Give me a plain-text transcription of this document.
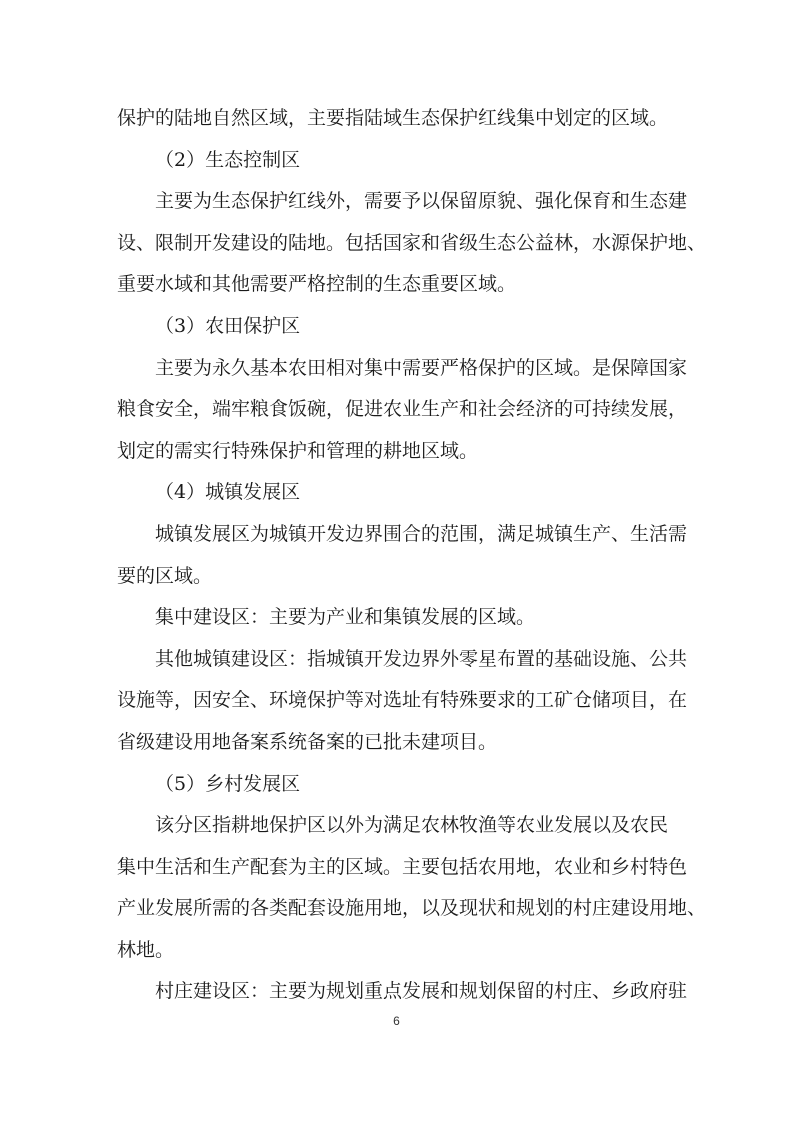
保护的陆地自然区域，主要指陆域生态保护红线集中划定的区域。
（2）生态控制区
主要为生态保护红线外，需要予以保留原貌、强化保育和生态建
设、限制开发建设的陆地。包括国家和省级生态公益林，水源保护地、
重要水域和其他需要严格控制的生态重要区域。
（3）农田保护区
主要为永久基本农田相对集中需要严格保护的区域。是保障国家
粮食安全，端牢粮食饭碗，促进农业生产和社会经济的可持续发展，
划定的需实行特殊保护和管理的耕地区域。
（4）城镇发展区
城镇发展区为城镇开发边界围合的范围，满足城镇生产、生活需
要的区域。
集中建设区：主要为产业和集镇发展的区域。
其他城镇建设区：指城镇开发边界外零星布置的基础设施、公共
设施等，因安全、环境保护等对选址有特殊要求的工矿仓储项目，在
省级建设用地备案系统备案的已批未建项目。
（5）乡村发展区
该分区指耕地保护区以外为满足农林牧渔等农业发展以及农民
集中生活和生产配套为主的区域。主要包括农用地，农业和乡村特色
产业发展所需的各类配套设施用地，以及现状和规划的村庄建设用地、
林地。
村庄建设区：主要为规划重点发展和规划保留的村庄、乡政府驻
6
